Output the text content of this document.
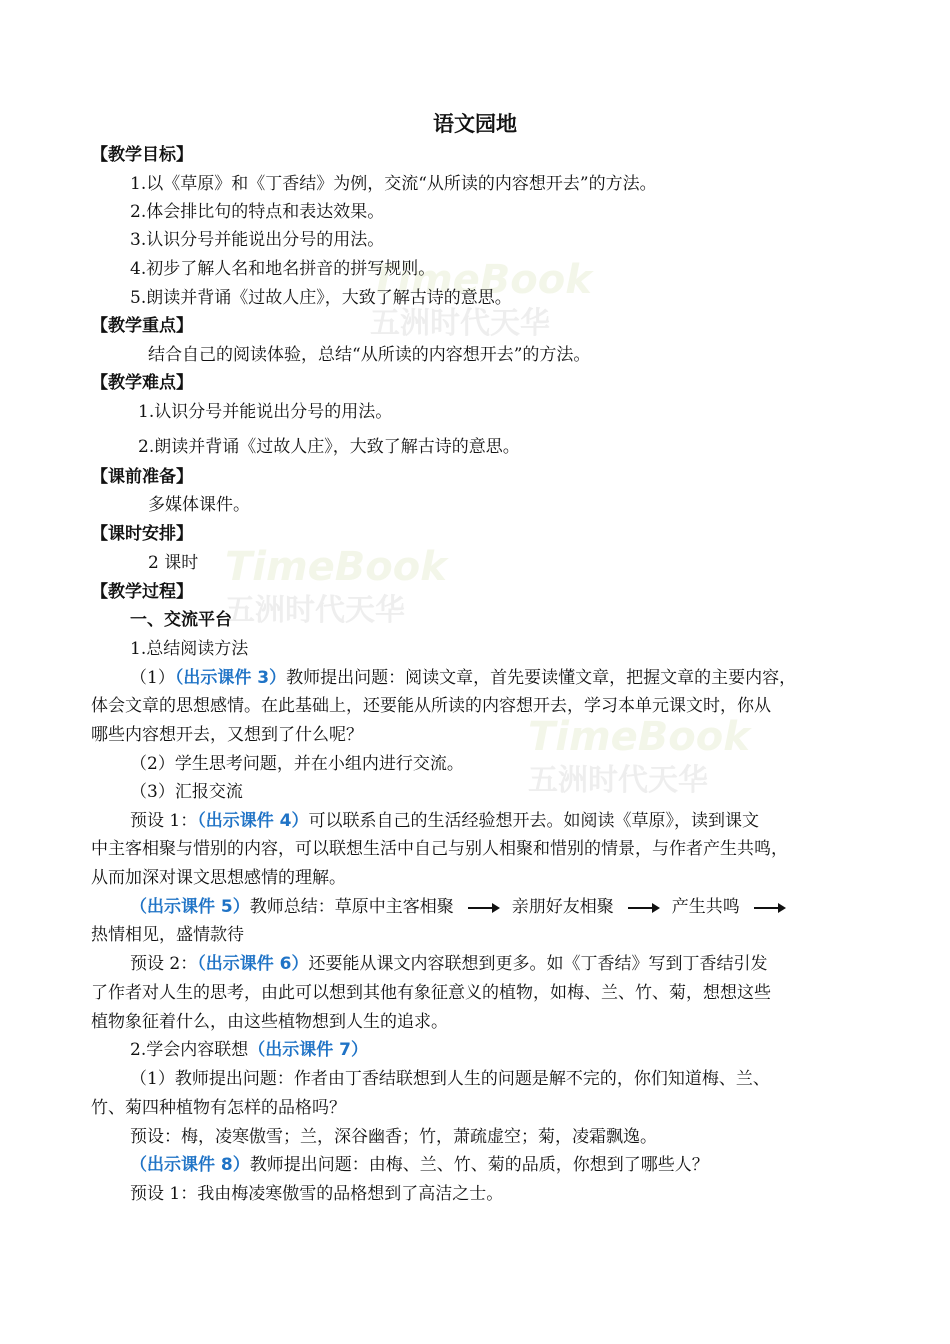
TimeBook
五洲时代天华
TimeBook
五洲时代天华
TimeBook
五洲时代天华
语文园地
【教学目标】
1.以《草原》和《丁香结》为例，交流“从所读的内容想开去”的方法。
2.体会排比句的特点和表达效果。
3.认识分号并能说出分号的用法。
4.初步了解人名和地名拼音的拼写规则。
5.朗读并背诵《过故人庄》，大致了解古诗的意思。
【教学重点】
结合自己的阅读体验，总结“从所读的内容想开去”的方法。
【教学难点】
1.认识分号并能说出分号的用法。
2.朗读并背诵《过故人庄》，大致了解古诗的意思。
【课前准备】
多媒体课件。
【课时安排】
2 课时
【教学过程】
一、交流平台
1.总结阅读方法
（1）（出示课件 3）教师提出问题：阅读文章，首先要读懂文章，把握文章的主要内容，
体会文章的思想感情。在此基础上，还要能从所读的内容想开去，学习本单元课文时，你从
哪些内容想开去，又想到了什么呢？
（2）学生思考问题，并在小组内进行交流。
（3）汇报交流
预设 1：（出示课件 4）可以联系自己的生活经验想开去。如阅读《草原》，读到课文
中主客相聚与惜别的内容，可以联想生活中自己与别人相聚和惜别的情景，与作者产生共鸣，
从而加深对课文思想感情的理解。
（出示课件 5）教师总结：草原中主客相聚	亲朋好友相聚	产生共鸣
热情相见，盛情款待
预设 2：（出示课件 6）还要能从课文内容联想到更多。如《丁香结》写到丁香结引发
了作者对人生的思考，由此可以想到其他有象征意义的植物，如梅、兰、竹、菊，想想这些
植物象征着什么，由这些植物想到人生的追求。
2.学会内容联想（出示课件 7）
（1）教师提出问题：作者由丁香结联想到人生的问题是解不完的，你们知道梅、兰、
竹、菊四种植物有怎样的品格吗？
预设：梅，凌寒傲雪；兰，深谷幽香；竹，萧疏虚空；菊，凌霜飘逸。
（出示课件 8）教师提出问题：由梅、兰、竹、菊的品质，你想到了哪些人？
预设 1：我由梅凌寒傲雪的品格想到了高洁之士。
